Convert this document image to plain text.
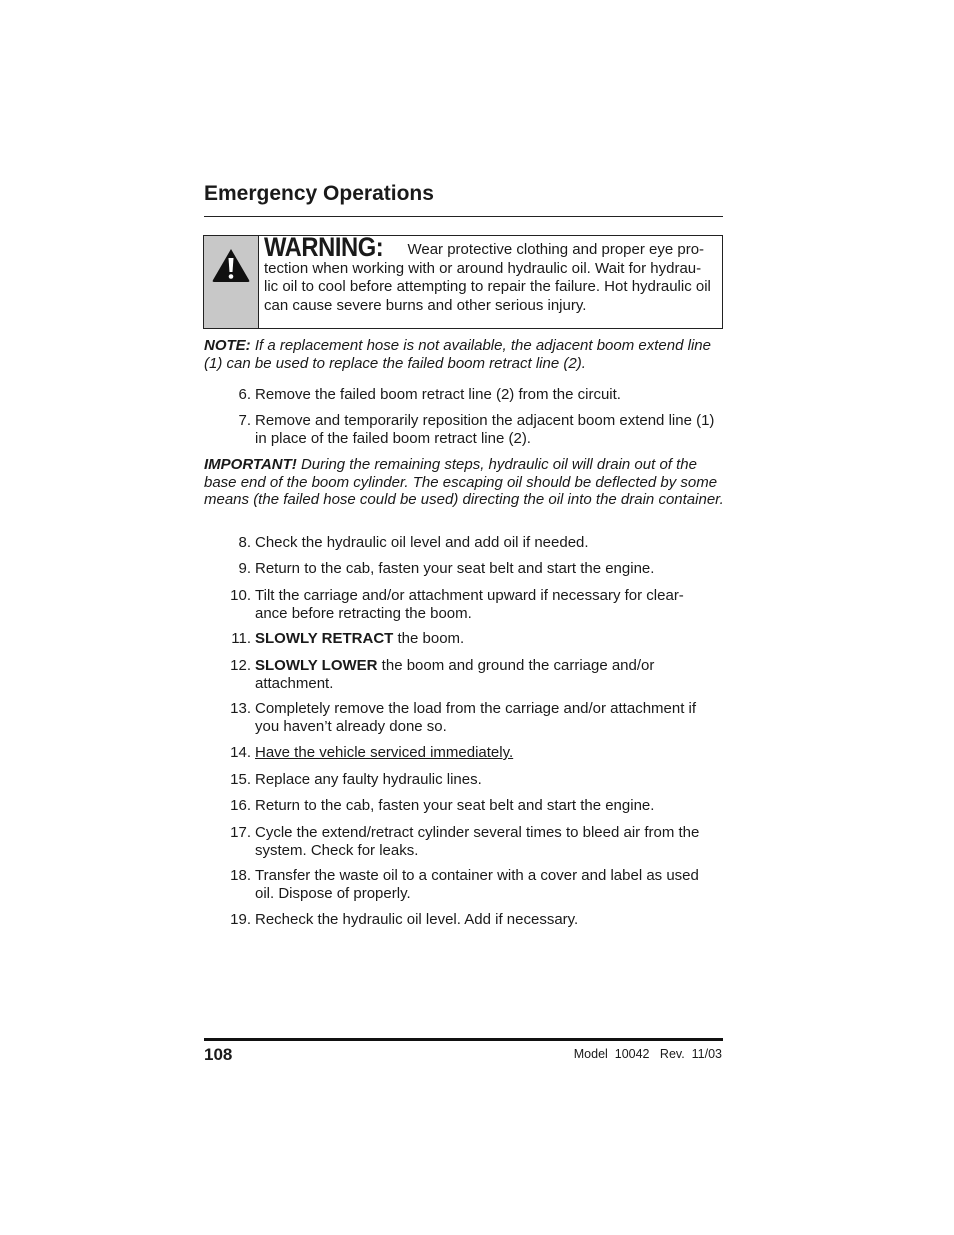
Emergency Operations
WARNING: Wear protective clothing and proper eye pro- tection when working with or around hydraulic oil. Wait for hydrau- lic oil to cool before attempting to repair the failure. Hot hydraulic oil can cause severe burns and other serious injury.

NOTE: If a replacement hose is not available, the adjacent boom extend line (1) can be used to replace the failed boom retract line (2).

6. Remove the failed boom retract line (2) from the circuit.
7. Remove and temporarily reposition the adjacent boom extend line (1) in place of the failed boom retract line (2).

IMPORTANT! During the remaining steps, hydraulic oil will drain out of the base end of the boom cylinder. The escaping oil should be deflected by some means (the failed hose could be used) directing the oil into the drain container.

8. Check the hydraulic oil level and add oil if needed.
9. Return to the cab, fasten your seat belt and start the engine.
10. Tilt the carriage and/or attachment upward if necessary for clear- ance before retracting the boom.
11. SLOWLY RETRACT the boom.
12. SLOWLY LOWER the boom and ground the carriage and/or attachment.
13. Completely remove the load from the carriage and/or attachment if you haven’t already done so.
14. Have the vehicle serviced immediately.
15. Replace any faulty hydraulic lines.
16. Return to the cab, fasten your seat belt and start the engine.
17. Cycle the extend/retract cylinder several times to bleed air from the system. Check for leaks.
18. Transfer the waste oil to a container with a cover and label as used oil. Dispose of properly.
19. Recheck the hydraulic oil level. Add if necessary.
108	Model  10042   Rev.  11/03
